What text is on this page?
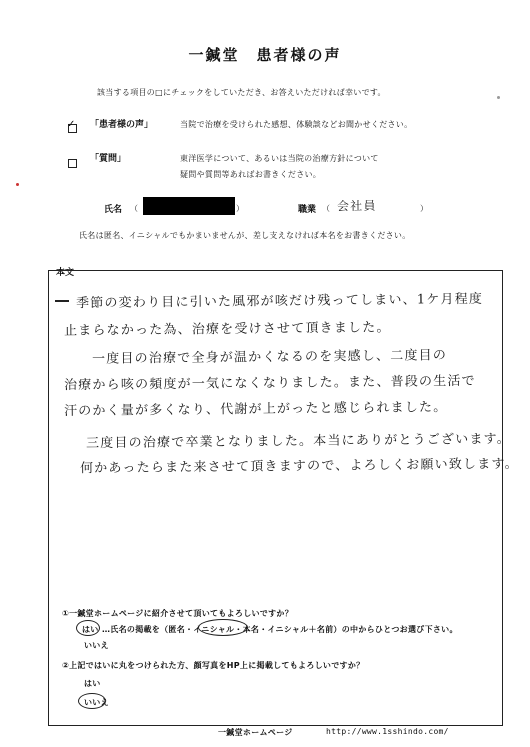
一鍼堂　患者様の声
該当する項目の□にチェックをしていただき、お答えいただければ幸いです。
✓ 「患者様の声」	当院で治療を受けられた感想、体験談などお聞かせください。
「質問」	東洋医学について、あるいは当院の治療方針について
疑問や質問等あればお書きください。
氏名 （	）	職業 （ 会社員	）
氏名は匿名、イニシャルでもかまいませんが、差し支えなければ本名をお書きください。
本文
季節の変わり目に引いた風邪が咳だけ残ってしまい、1ケ月程度
止まらなかった為、治療を受けさせて頂きました。
一度目の治療で全身が温かくなるのを実感し、二度目の
治療から咳の頻度が一気になくなりました。また、普段の生活で
汗のかく量が多くなり、代謝が上がったと感じられました。
三度目の治療で卒業となりました。本当にありがとうございます。
何かあったらまた来させて頂きますので、よろしくお願い致します。
①一鍼堂ホームページに紹介させて頂いてもよろしいですか？
はい …氏名の掲載を（匿名・イニシャル・本名・イニシャル＋名前）の中からひとつお選び下さい。
いいえ
②上記ではいに丸をつけられた方、顔写真をHP上に掲載してもよろしいですか？
はい
いいえ
一鍼堂ホームページ	http://www.1sshindo.com/
